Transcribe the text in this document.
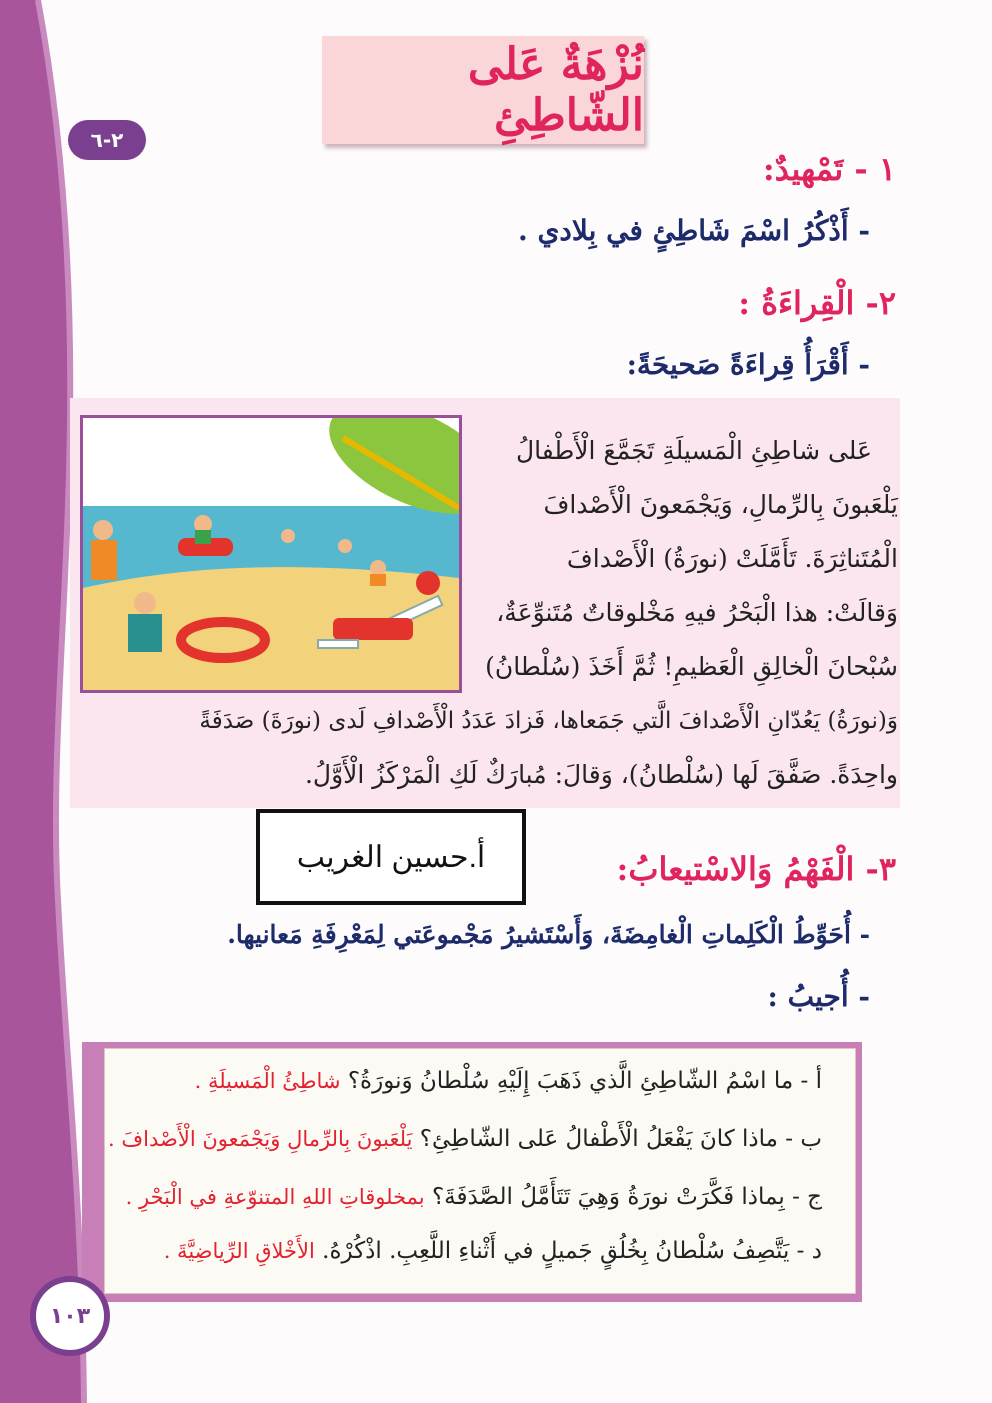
نُزْهَةٌ عَلى الشّاطِئِ
٢-٦
١ - تَمْهيدٌ:
- أَذْكُرُ اسْمَ شَاطِئٍ في بِلادي .
٢- الْقِراءَةُ :
- أَقْرَأُ قِراءَةً صَحيحَةً:
عَلى شاطِئِ الْمَسيلَةِ تَجَمَّعَ الْأَطْفالُ
يَلْعَبونَ بِالرِّمالِ، وَيَجْمَعونَ الْأَصْدافَ
الْمُتَناثِرَةَ. تَأَمَّلَتْ (نورَةُ) الْأَصْدافَ
وَقالَتْ: هذا الْبَحْرُ فيهِ مَخْلوقاتٌ مُتَنوِّعَةٌ،
سُبْحانَ الْخالِقِ الْعَظيمِ! ثُمَّ أَخَذَ (سُلْطانُ)
وَ(نورَةُ) يَعُدّانِ الْأَصْدافَ الَّتي جَمَعاها، فَزادَ عَدَدُ الْأَصْدافِ لَدى (نورَةَ) صَدَفَةً
واحِدَةً. صَفَّقَ لَها (سُلْطانُ)، وَقالَ: مُبارَكٌ لَكِ الْمَرْكَزُ الْأَوَّلُ.
أ.حسين الغريب	٣- الْفَهْمُ وَالاسْتيعابُ:
- أُحَوِّطُ الْكَلِماتِ الْغامِضَةَ، وَأَسْتَشيرُ مَجْموعَتي لِمَعْرِفَةِ مَعانيها.
- أُجيبُ :
أ - ما اسْمُ الشّاطِئِ الَّذي ذَهَبَ إِلَيْهِ سُلْطانُ وَنورَةُ؟ شاطِئُ الْمَسيلَةِ .
ب - ماذا كانَ يَفْعَلُ الْأَطْفالُ عَلى الشّاطِئِ؟ يَلْعَبونَ بِالرِّمالِ وَيَجْمَعونَ الْأَصْدافَ .
ج - بِماذا فَكَّرَتْ نورَةُ وَهِيَ تَتَأَمَّلُ الصَّدَفَةَ؟ بمخلوقاتِ اللهِ المتنوّعةِ في الْبَحْرِ .
د - يَتَّصِفُ سُلْطانُ بِخُلُقٍ جَميلٍ في أَثْناءِ اللَّعِبِ. اذْكُرْهُ. الأَخْلاقِ الرِّياضِيَّةَ .
١٠٣
